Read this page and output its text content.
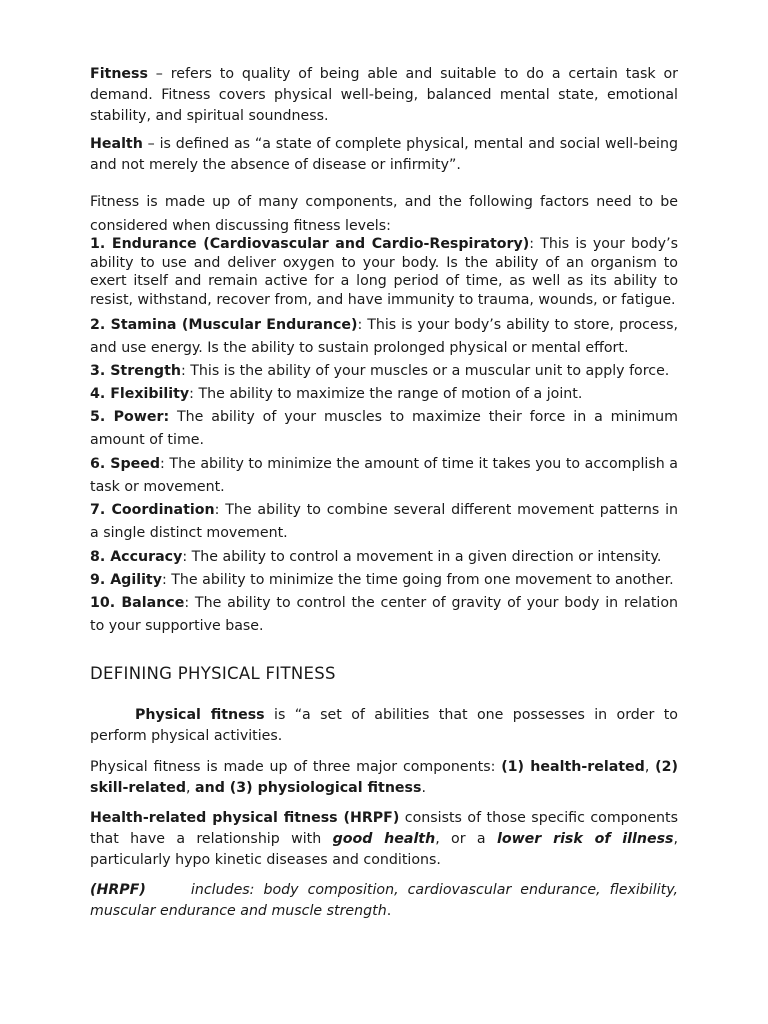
Fitness – refers to quality of being able and suitable to do a certain task or demand. Fitness covers physical well-being, balanced mental state, emotional stability, and spiritual soundness.

Health – is defined as “a state of complete physical, mental and social well-being and not merely the absence of disease or infirmity”.

Fitness is made up of many components, and the following factors need to be considered when discussing fitness levels:

1. Endurance (Cardiovascular and Cardio-Respiratory): This is your body’s ability to use and deliver oxygen to your body. Is the ability of an organism to exert itself and remain active for a long period of time, as well as its ability to resist, withstand, recover from, and have immunity to trauma, wounds, or fatigue.

2. Stamina (Muscular Endurance): This is your body’s ability to store, process, and use energy. Is the ability to sustain prolonged physical or mental effort.

3. Strength: This is the ability of your muscles or a muscular unit to apply force.

4. Flexibility: The ability to maximize the range of motion of a joint.

5. Power: The ability of your muscles to maximize their force in a minimum amount of time.

6. Speed: The ability to minimize the amount of time it takes you to accomplish a task or movement.

7. Coordination: The ability to combine several different movement patterns in a single distinct movement.

8. Accuracy: The ability to control a movement in a given direction or intensity.

9. Agility: The ability to minimize the time going from one movement to another.

10. Balance: The ability to control the center of gravity of your body in relation to your supportive base.

DEFINING PHYSICAL FITNESS

Physical fitness is “a set of abilities that one possesses in order to perform physical activities.

Physical fitness is made up of three major components: (1) health-related, (2) skill-related, and (3) physiological fitness.

Health-related physical fitness (HRPF) consists of those specific components that have a relationship with good health, or a lower risk of illness, particularly hypo kinetic diseases and conditions.

(HRPF)     includes: body composition, cardiovascular endurance, flexibility, muscular endurance and muscle strength.
